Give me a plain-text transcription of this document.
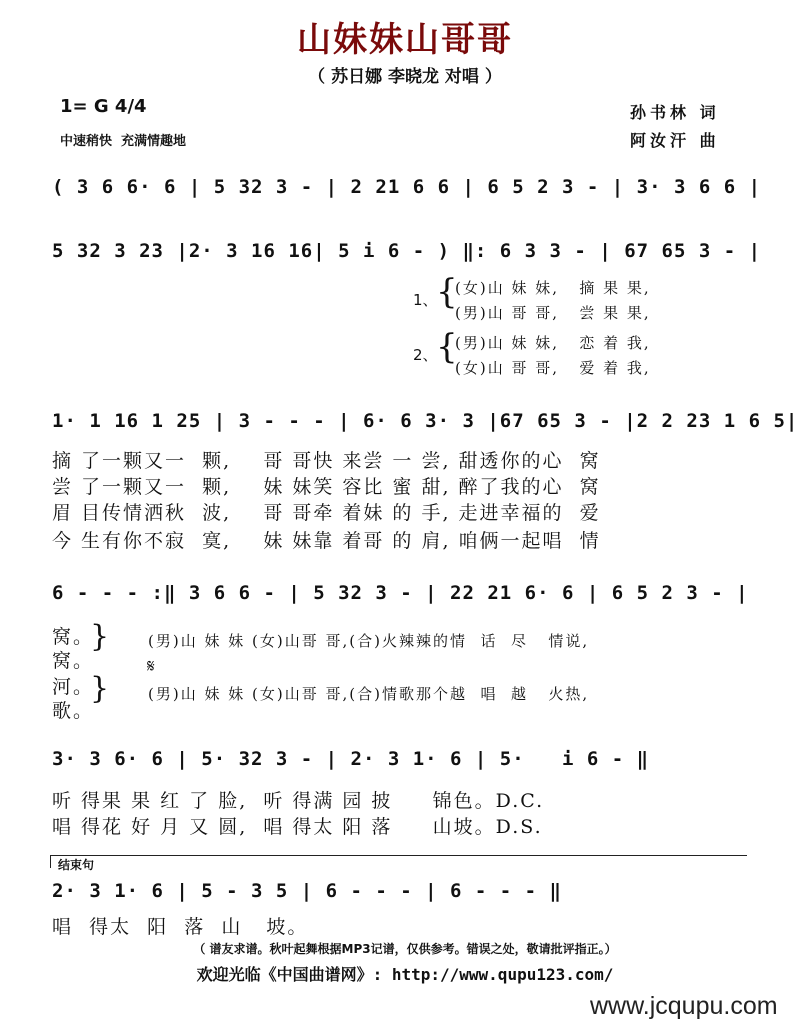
山妹妹山哥哥
（ 苏日娜 李晓龙 对唱 ）
1= G 4/4
中速稍快  充满情趣地
孙书林 词
阿汝汗 曲
( 3 6 6· 6 | 5 32 3 - | 2 21 6 6 | 6 5 2 3 - | 3· 3 6 6 |
5 32 3 23 |2· 3 16 16| 5 i 6 - ) ‖: 6 3 3 - | 67 65 3 - |
1、
2、
{
{
(女)山 妹 妹,   摘 果 果,
(男)山 哥 哥,   尝 果 果,
(男)山 妹 妹,   恋 着 我,
(女)山 哥 哥,   爱 着 我,
1· 1 16 1 25 | 3 - - - | 6· 6 3· 3 |67 65 3 - |2 2 23 1 6 5|
摘 了一颗又一  颗,    哥 哥快 来尝 一 尝, 甜透你的心  窝
尝 了一颗又一  颗,    妹 妹笑 容比 蜜 甜, 醉了我的心  窝
眉 目传情洒秋  波,    哥 哥牵 着妹 的 手, 走进幸福的  爱
今 生有你不寂  寞,    妹 妹靠 着哥 的 肩, 咱俩一起唱  情
6 - - - :‖ 3 6 6 - | 5 32 3 - | 22 21 6· 6 | 6 5 2 3 - |
窝。
窝。
河。
歌。
}
}
(男)山 妹 妹 (女)山哥 哥,(合)火辣辣的情  话  尽   情说,
𝄋
(男)山 妹 妹 (女)山哥 哥,(合)情歌那个越  唱  越   火热,
3· 3 6· 6 | 5· 32 3 - | 2· 3 1· 6 | 5·   i 6 - ‖
听 得果 果 红 了 脸,  听 得满 园 披     锦色。D.C.
唱 得花 好 月 又 圆,  唱 得太 阳 落     山坡。D.S.
结束句
2· 3 1· 6 | 5 - 3 5 | 6 - - - | 6 - - - ‖
唱  得太  阳  落  山   坡。
（ 谱友求谱。秋叶起舞根据MP3记谱，仅供参考。错误之处，敬请批评指正。）
欢迎光临《中国曲谱网》: http://www.qupu123.com/
www.jcqupu.com
